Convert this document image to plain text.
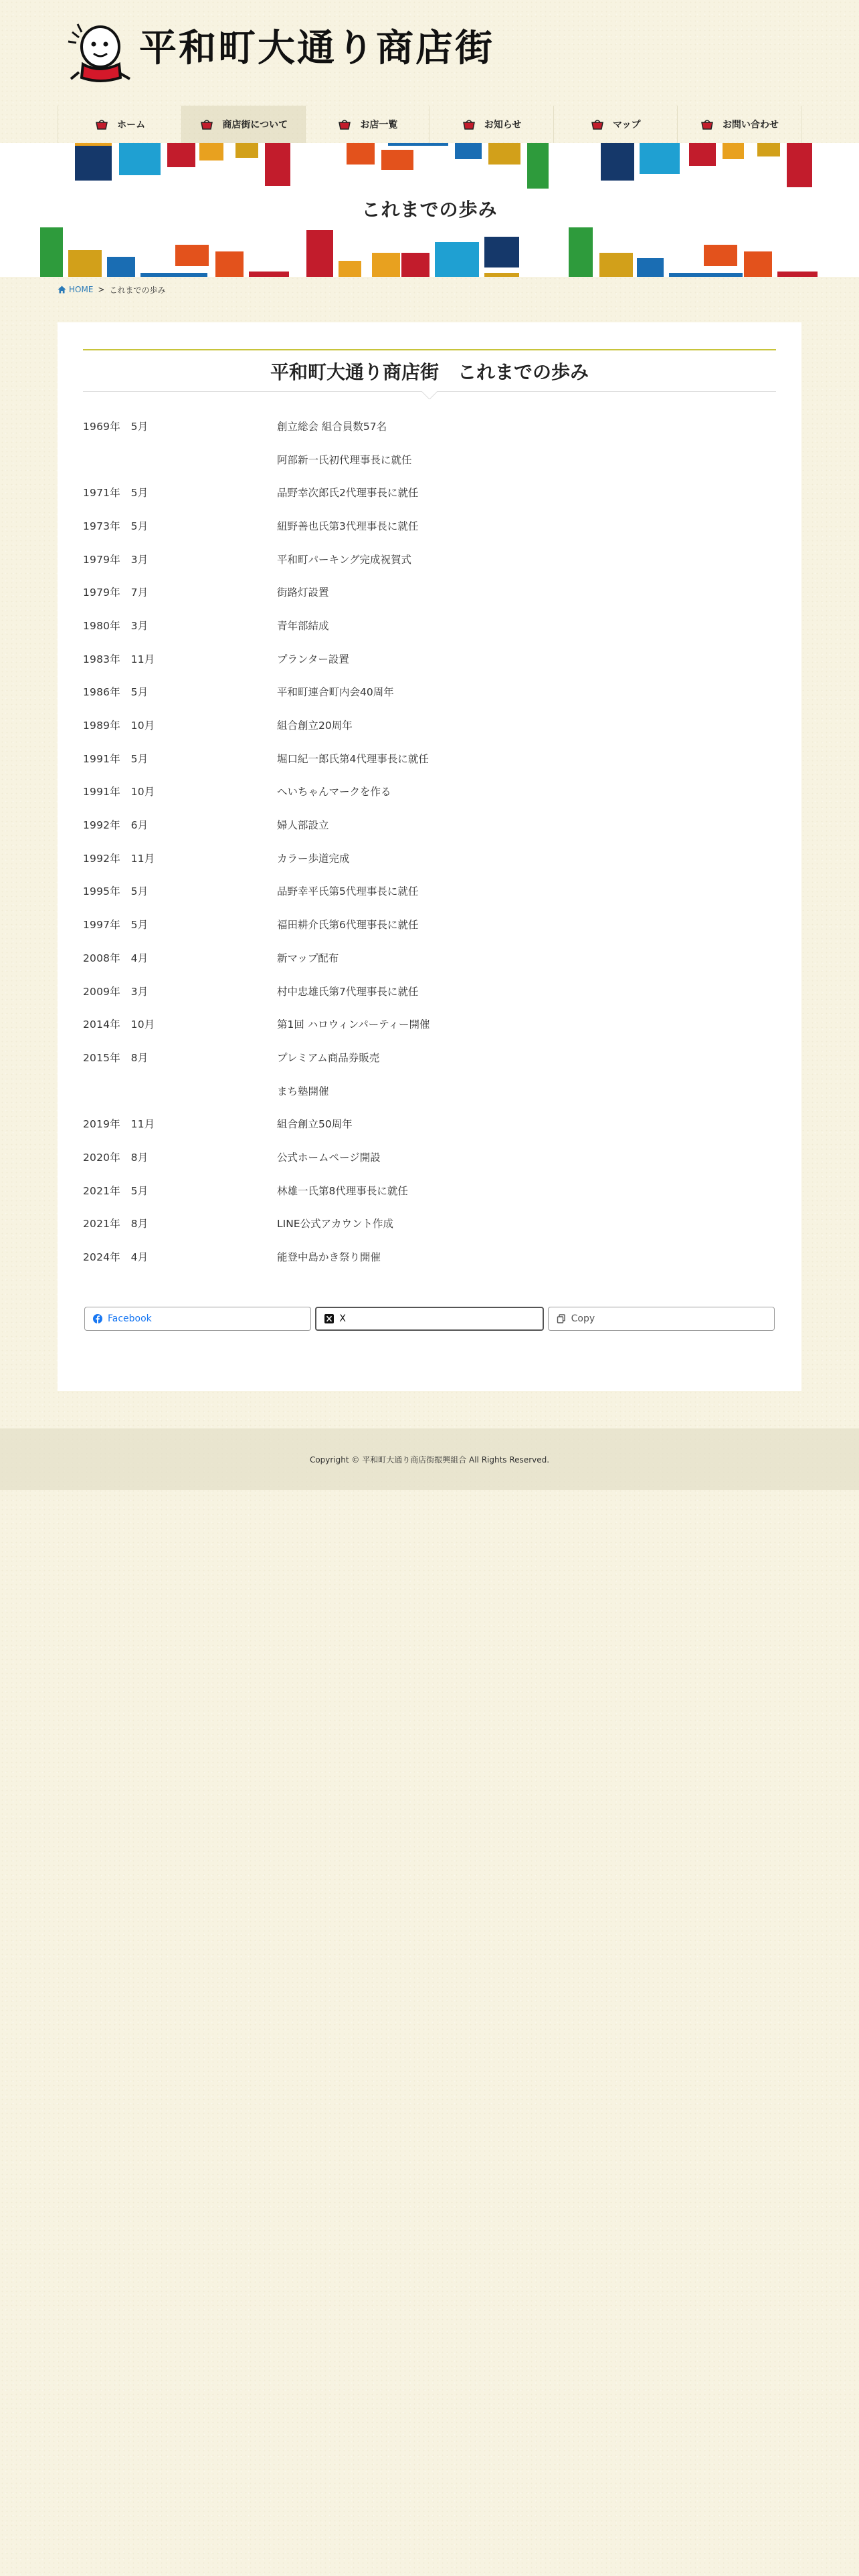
平和町大通り商店街
ホーム	商店街について	お店一覧	お知らせ	マップ	お問い合わせ
これまでの歩み
HOME > これまでの歩み
平和町大通り商店街　これまでの歩み
1969年　5月	創立総会 組合員数57名
阿部新一氏初代理事長に就任
1971年　5月	品野幸次郎氏2代理事長に就任
1973年　5月	紐野善也氏第3代理事長に就任
1979年　3月	平和町パーキング完成祝賀式
1979年　7月	街路灯設置
1980年　3月	青年部結成
1983年　11月	プランター設置
1986年　5月	平和町連合町内会40周年
1989年　10月	組合創立20周年
1991年　5月	堀口紀一郎氏第4代理事長に就任
1991年　10月	へいちゃんマークを作る
1992年　6月	婦人部設立
1992年　11月	カラー歩道完成
1995年　5月	品野幸平氏第5代理事長に就任
1997年　5月	福田耕介氏第6代理事長に就任
2008年　4月	新マップ配布
2009年　3月	村中忠雄氏第7代理事長に就任
2014年　10月	第1回 ハロウィンパーティー開催
2015年　8月	プレミアム商品券販売
まち塾開催
2019年　11月	組合創立50周年
2020年　8月	公式ホームページ開設
2021年　5月	林雄一氏第8代理事長に就任
2021年　8月	LINE公式アカウント作成
2024年　4月	能登中島かき祭り開催
Facebook	X	Copy
Copyright © 平和町大通り商店街振興組合 All Rights Reserved.
